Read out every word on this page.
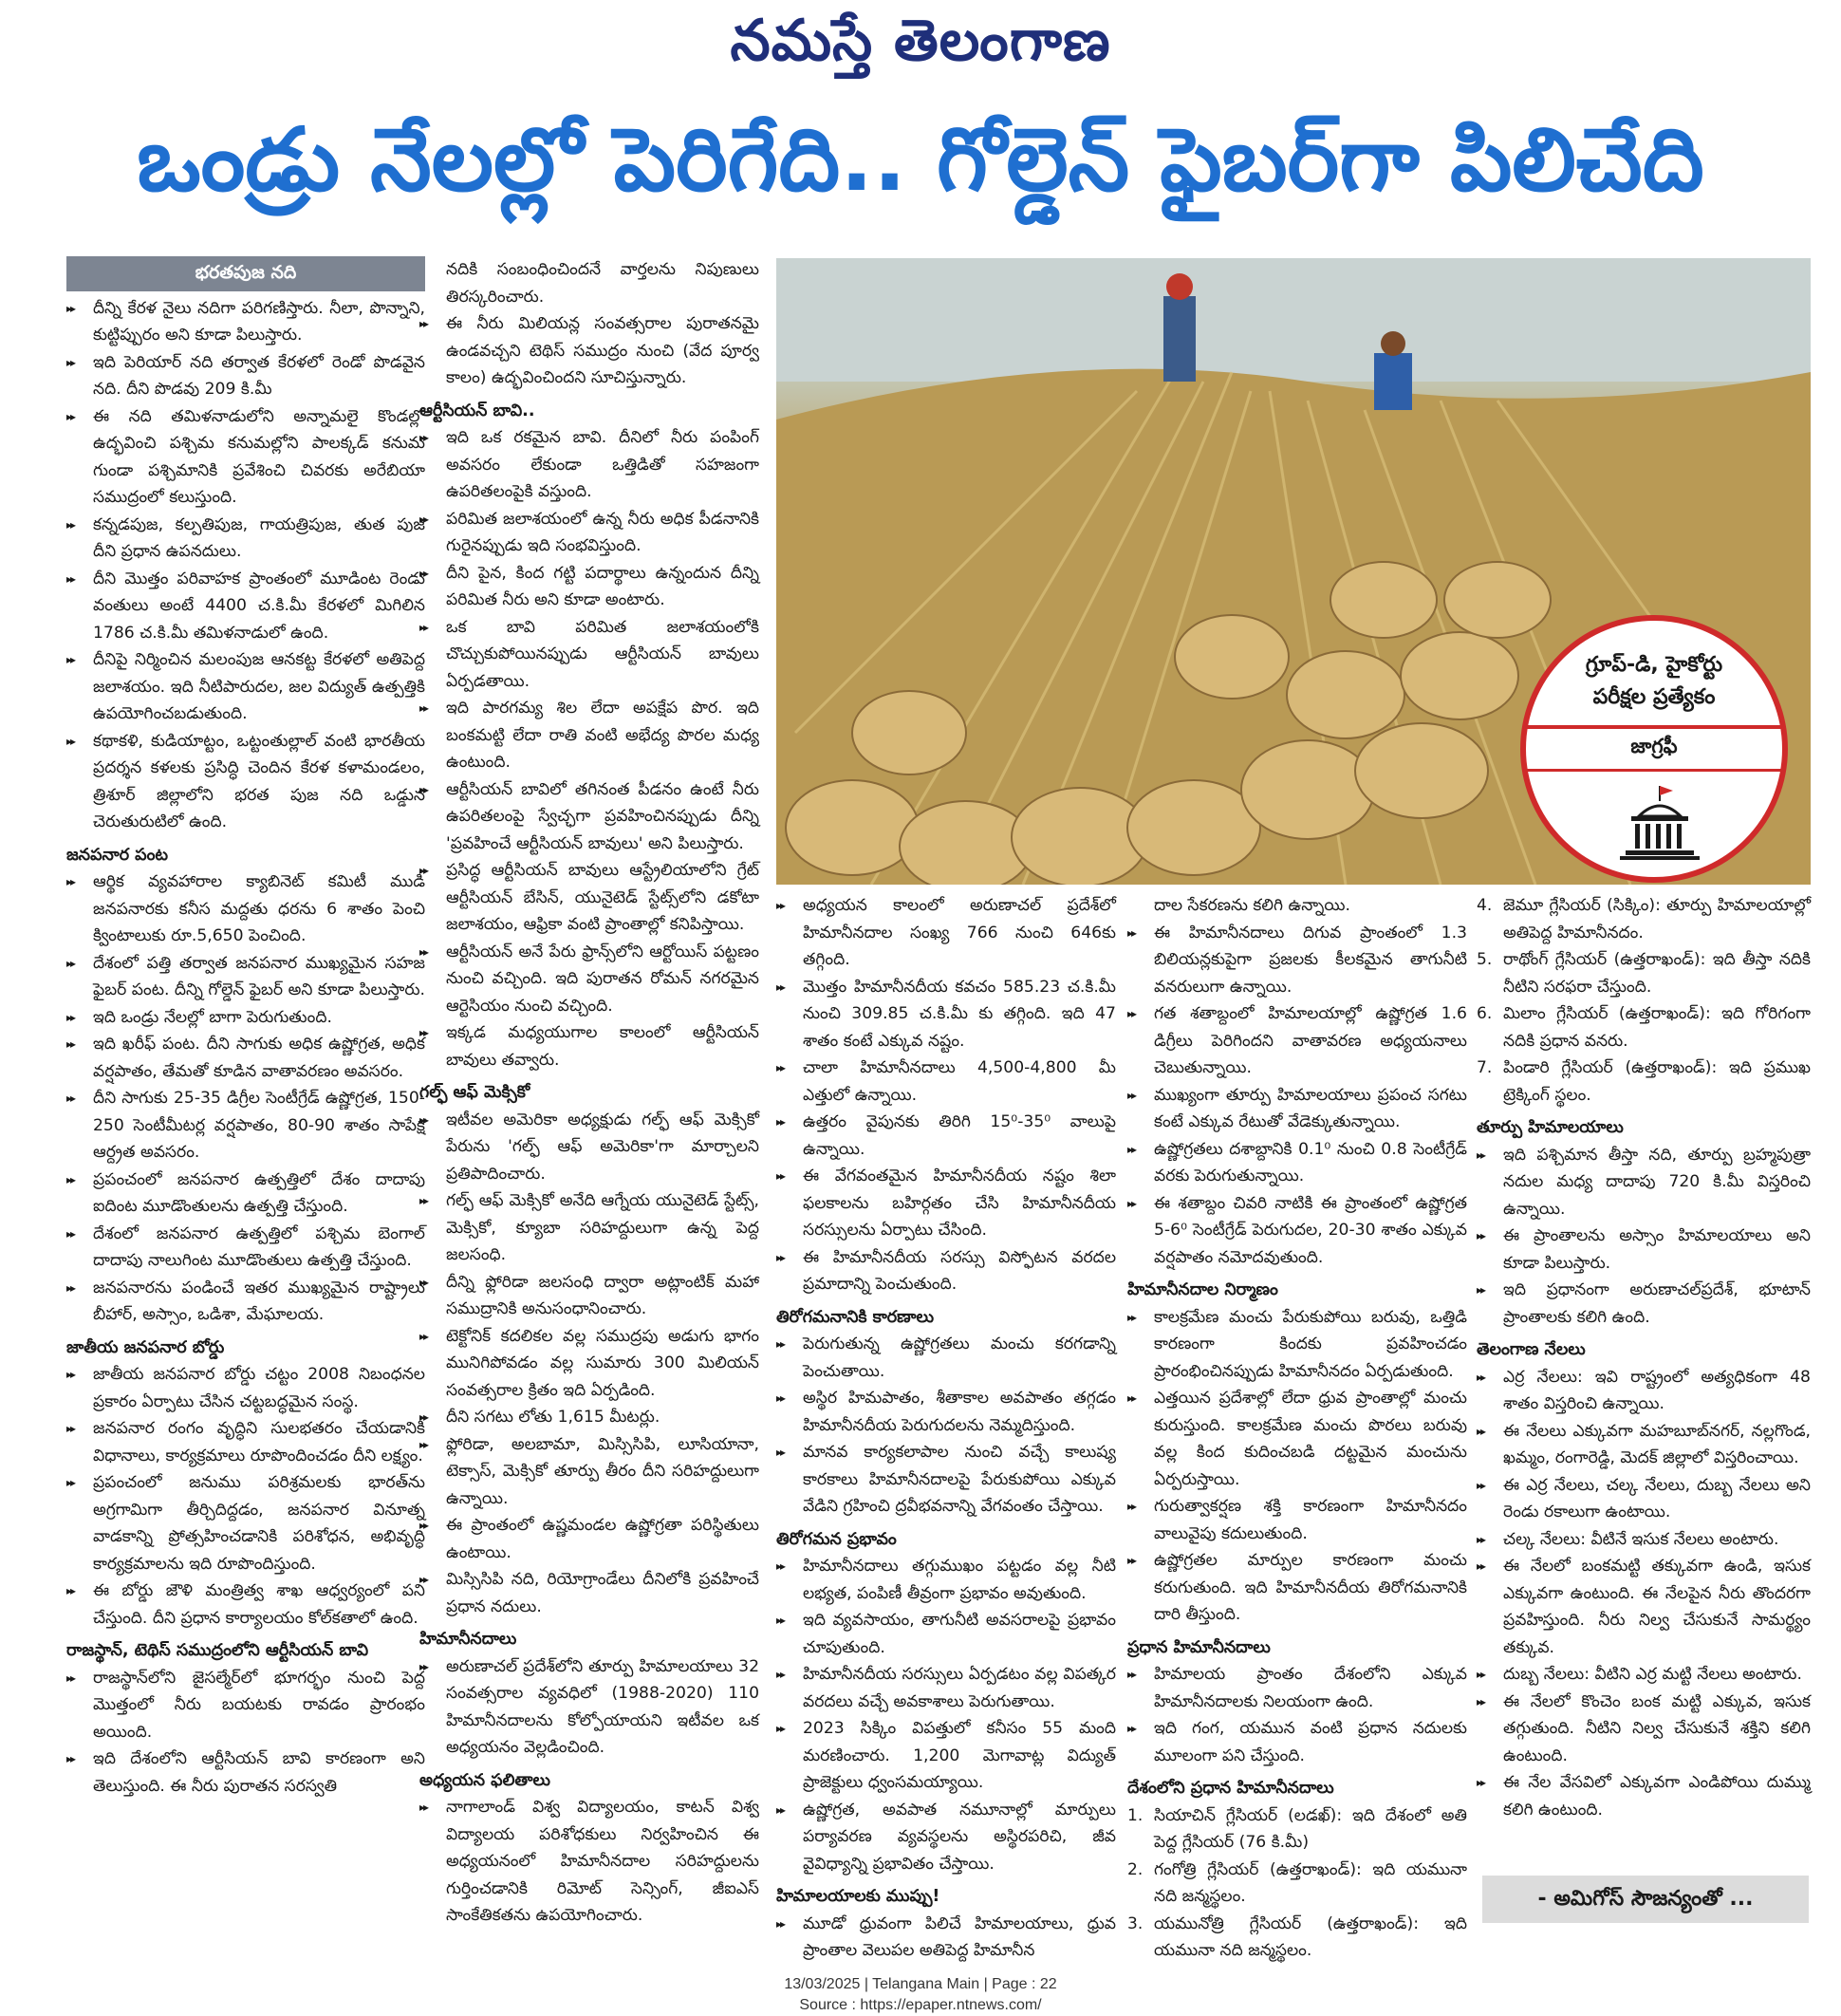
నమస్తే తెలంగాణ
ఒండ్రు నేలల్లో పెరిగేది.. గోల్డెన్ ఫైబర్‌గా పిలిచేది
భరతపుజ నది
▸▸ దీన్ని కేరళ నైలు నదిగా పరిగణిస్తారు. నీలా, పొన్నాని, కుట్టిప్పురం అని కూడా పిలుస్తారు.
▸▸ ఇది పెరియార్ నది తర్వాత కేరళలో రెండో పొడవైన నది. దీని పొడవు 209 కి.మీ
▸▸ ఈ నది తమిళనాడులోని అన్నామలై కొండల్లో ఉద్భవించి పశ్చిమ కనుమల్లోని పాలక్కడ్ కనుమ గుండా పశ్చిమానికి ప్రవేశించి చివరకు అరేబియా సముద్రంలో కలుస్తుంది.
▸▸ కన్నడపుజ, కల్పతిపుజ, గాయత్రిపుజ, తుత పుజ దీని ప్రధాన ఉపనదులు.
▸▸ దీని మొత్తం పరివాహక ప్రాంతంలో మూడింట రెండు వంతులు అంటే 4400 చ.కి.మీ కేరళలో మిగిలిన 1786 చ.కి.మీ తమిళనాడులో ఉంది.
▸▸ దీనిపై నిర్మించిన మలంపుజ ఆనకట్ట కేరళలో అతిపెద్ద జలాశయం. ఇది నీటిపారుదల, జల విద్యుత్ ఉత్పత్తికి ఉపయోగించబడుతుంది.
▸▸ కథాకళి, కుడియాట్టం, ఒట్టంతుల్లాల్ వంటి భారతీయ ప్రదర్శన కళలకు ప్రసిద్ధి చెందిన కేరళ కళామండలం, త్రిశూర్ జిల్లాలోని భరత పుజ నది ఒడ్డున చెరుతురుటిలో ఉంది.
జనపనార పంట
▸▸ ఆర్థిక వ్యవహారాల క్యాబినెట్ కమిటీ ముడి జనపనారకు కనీస మద్దతు ధరను 6 శాతం పెంచి క్వింటాలుకు రూ.5,650 పెంచింది.
▸▸ దేశంలో పత్తి తర్వాత జనపనార ముఖ్యమైన సహజ ఫైబర్ పంట. దీన్ని గోల్డెన్ ఫైబర్ అని కూడా పిలుస్తారు.
▸▸ ఇది ఒండ్రు నేలల్లో బాగా పెరుగుతుంది.
▸▸ ఇది ఖరీఫ్ పంట. దీని సాగుకు అధిక ఉష్ణోగ్రత, అధిక వర్షపాతం, తేమతో కూడిన వాతావరణం అవసరం.
▸▸ దీని సాగుకు 25-35 డిగ్రీల సెంటీగ్రేడ్ ఉష్ణోగ్రత, 150-250 సెంటీమీటర్ల వర్షపాతం, 80-90 శాతం సాపేక్ష ఆర్ద్రత అవసరం.
▸▸ ప్రపంచంలో జనపనార ఉత్పత్తిలో దేశం దాదాపు ఐదింట మూడొంతులను ఉత్పత్తి చేస్తుంది.
▸▸ దేశంలో జనపనార ఉత్పత్తిలో పశ్చిమ బెంగాల్ దాదాపు నాలుగింట మూడొంతులు ఉత్పత్తి చేస్తుంది.
▸▸ జనపనారను పండించే ఇతర ముఖ్యమైన రాష్ట్రాలు బీహార్, అస్సాం, ఒడిశా, మేఘాలయ.
జాతీయ జనపనార బోర్డు
▸▸ జాతీయ జనపనార బోర్డు చట్టం 2008 నిబంధనల ప్రకారం ఏర్పాటు చేసిన చట్టబద్ధమైన సంస్థ.
▸▸ జనపనార రంగం వృద్ధిని సులభతరం చేయడానికి విధానాలు, కార్యక్రమాలు రూపొందించడం దీని లక్ష్యం.
▸▸ ప్రపంచంలో జనుము పరిశ్రమలకు భారత్‌ను అగ్రగామిగా తీర్చిదిద్దడం, జనపనార వినూత్న వాడకాన్ని ప్రోత్సహించడానికి పరిశోధన, అభివృద్ధి కార్యక్రమాలను ఇది రూపొందిస్తుంది.
▸▸ ఈ బోర్డు జౌళి మంత్రిత్వ శాఖ ఆధ్వర్యంలో పని చేస్తుంది. దీని ప్రధాన కార్యాలయం కోల్‌కతాలో ఉంది.
రాజస్థాన్, టెథిస్ సముద్రంలోని ఆర్టీసియన్ బావి
▸▸ రాజస్థాన్‌లోని జైసల్మేర్‌లో భూగర్భం నుంచి పెద్ద మొత్తంలో నీరు బయటకు రావడం ప్రారంభం అయింది.
▸▸ ఇది దేశంలోని ఆర్టీసియన్ బావి కారణంగా అని తెలుస్తుంది. ఈ నీరు పురాతన సరస్వతి
నదికి సంబంధించిందనే వార్తలను నిపుణులు తిరస్కరించారు.
▸▸ ఈ నీరు మిలియన్ల సంవత్సరాల పురాతనమై ఉండవచ్చని టెథిస్ సముద్రం నుంచి (వేద పూర్వ కాలం) ఉద్భవించిందని సూచిస్తున్నారు.
ఆర్టీసియన్ బావి..
▸▸ ఇది ఒక రకమైన బావి. దీనిలో నీరు పంపింగ్ అవసరం లేకుండా ఒత్తిడితో సహజంగా ఉపరితలంపైకి వస్తుంది.
▸▸ పరిమిత జలాశయంలో ఉన్న నీరు అధిక పీడనానికి గురైనప్పుడు ఇది సంభవిస్తుంది.
▸▸ దీని పైన, కింద గట్టి పదార్థాలు ఉన్నందున దీన్ని పరిమిత నీరు అని కూడా అంటారు.
▸▸ ఒక బావి పరిమిత జలాశయంలోకి చొచ్చుకుపోయినప్పుడు ఆర్టీసియన్ బావులు ఏర్పడతాయి.
▸▸ ఇది పారగమ్య శిల లేదా అపక్షేప పొర. ఇది బంకమట్టి లేదా రాతి వంటి అభేద్య పొరల మధ్య ఉంటుంది.
▸▸ ఆర్టీసియన్ బావిలో తగినంత పీడనం ఉంటే నీరు ఉపరితలంపై స్వేచ్ఛగా ప్రవహించినప్పుడు దీన్ని 'ప్రవహించే ఆర్టీసియన్ బావులు' అని పిలుస్తారు.
▸▸ ప్రసిద్ధ ఆర్టీసియన్ బావులు ఆస్ట్రేలియాలోని గ్రేట్ ఆర్టీసియన్ బేసిన్, యునైటెడ్ స్టేట్స్‌లోని డకోటా జలాశయం, ఆఫ్రికా వంటి ప్రాంతాల్లో కనిపిస్తాయి.
▸▸ ఆర్టీసియన్ అనే పేరు ఫ్రాన్స్‌లోని ఆర్టోయిస్ పట్టణం నుంచి వచ్చింది. ఇది పురాతన రోమన్ నగరమైన ఆర్టెసియం నుంచి వచ్చింది.
▸▸ ఇక్కడ మధ్యయుగాల కాలంలో ఆర్టీసియన్ బావులు తవ్వారు.
గల్ఫ్ ఆఫ్ మెక్సికో
▸▸ ఇటీవల అమెరికా అధ్యక్షుడు గల్ఫ్ ఆఫ్ మెక్సికో పేరును 'గల్ఫ్ ఆఫ్ అమెరికా'గా మార్చాలని ప్రతిపాదించారు.
▸▸ గల్ఫ్ ఆఫ్ మెక్సికో అనేది ఆగ్నేయ యునైటెడ్ స్టేట్స్, మెక్సికో, క్యూబా సరిహద్దులుగా ఉన్న పెద్ద జలసంధి.
▸▸ దీన్ని ఫ్లోరిడా జలసంధి ద్వారా అట్లాంటిక్ మహా సముద్రానికి అనుసంధానించారు.
▸▸ టెక్టోనిక్ కదలికల వల్ల సముద్రపు అడుగు భాగం మునిగిపోవడం వల్ల సుమారు 300 మిలియన్ సంవత్సరాల క్రితం ఇది ఏర్పడింది.
▸▸ దీని సగటు లోతు 1,615 మీటర్లు.
▸▸ ఫ్లోరిడా, అలబామా, మిస్సిసిపి, లూసియానా, టెక్సాస్, మెక్సికో తూర్పు తీరం దీని సరిహద్దులుగా ఉన్నాయి.
▸▸ ఈ ప్రాంతంలో ఉష్ణమండల ఉష్ణోగ్రతా పరిస్థితులు ఉంటాయి.
▸▸ మిస్సిసిపి నది, రియోగ్రాండేలు దీనిలోకి ప్రవహించే ప్రధాన నదులు.
హిమానీనదాలు
▸▸ అరుణాచల్ ప్రదేశ్‌లోని తూర్పు హిమాలయాలు 32 సంవత్సరాల వ్యవధిలో (1988-2020) 110 హిమానీనదాలను కోల్పోయాయని ఇటీవల ఒక అధ్యయనం వెల్లడించింది.
అధ్యయన ఫలితాలు
▸▸ నాగాలాండ్ విశ్వ విద్యాలయం, కాటన్ విశ్వ విద్యాలయ పరిశోధకులు నిర్వహించిన ఈ అధ్యయనంలో హిమానీనదాల సరిహద్దులను గుర్తించడానికి రిమోట్ సెన్సింగ్, జీఐఎస్ సాంకేతికతను ఉపయోగించారు.
గ్రూప్-డి, హైకోర్టు
పరీక్షల ప్రత్యేకం
జాగ్రఫీ
▸▸ అధ్యయన కాలంలో అరుణాచల్ ప్రదేశ్‌లో హిమానీనదాల సంఖ్య 766 నుంచి 646కు తగ్గింది.
▸▸ మొత్తం హిమానీనదీయ కవచం 585.23 చ.కి.మీ నుంచి 309.85 చ.కి.మీ కు తగ్గింది. ఇది 47 శాతం కంటే ఎక్కువ నష్టం.
▸▸ చాలా హిమానీనదాలు 4,500-4,800 మీ ఎత్తులో ఉన్నాయి.
▸▸ ఉత్తరం వైపునకు తిరిగి 15⁰-35⁰ వాలుపై ఉన్నాయి.
▸▸ ఈ వేగవంతమైన హిమానీనదీయ నష్టం శిలా ఫలకాలను బహిర్గతం చేసి హిమానీనదీయ సరస్సులను ఏర్పాటు చేసింది.
▸▸ ఈ హిమానీనదీయ సరస్సు విస్ఫోటన వరదల ప్రమాదాన్ని పెంచుతుంది.
తిరోగమనానికి కారణాలు
▸▸ పెరుగుతున్న ఉష్ణోగ్రతలు మంచు కరగడాన్ని పెంచుతాయి.
▸▸ అస్థిర హిమపాతం, శీతాకాల అవపాతం తగ్గడం హిమానీనదీయ పెరుగుదలను నెమ్మదిస్తుంది.
▸▸ మానవ కార్యకలాపాల నుంచి వచ్చే కాలుష్య కారకాలు హిమానీనదాలపై పేరుకుపోయి ఎక్కువ వేడిని గ్రహించి ద్రవీభవనాన్ని వేగవంతం చేస్తాయి.
తిరోగమన ప్రభావం
▸▸ హిమానీనదాలు తగ్గుముఖం పట్టడం వల్ల నీటి లభ్యత, పంపిణీ తీవ్రంగా ప్రభావం అవుతుంది.
▸▸ ఇది వ్యవసాయం, తాగునీటి అవసరాలపై ప్రభావం చూపుతుంది.
▸▸ హిమానీనదీయ సరస్సులు ఏర్పడటం వల్ల విపత్కర వరదలు వచ్చే అవకాశాలు పెరుగుతాయి.
▸▸ 2023 సిక్కిం విపత్తులో కనీసం 55 మంది మరణించారు. 1,200 మెగావాట్ల విద్యుత్ ప్రాజెక్టులు ధ్వంసమయ్యాయి.
▸▸ ఉష్ణోగ్రత, అవపాత నమూనాల్లో మార్పులు పర్యావరణ వ్యవస్థలను అస్థిరపరిచి, జీవ వైవిధ్యాన్ని ప్రభావితం చేస్తాయి.
హిమాలయాలకు ముప్పు!
▸▸ మూడో ధ్రువంగా పిలిచే హిమాలయాలు, ధ్రువ ప్రాంతాల వెలుపల అతిపెద్ద హిమానీన
దాల సేకరణను కలిగి ఉన్నాయి.
▸▸ ఈ హిమానీనదాలు దిగువ ప్రాంతంలో 1.3 బిలియన్లకుపైగా ప్రజలకు కీలకమైన తాగునీటి వనరులుగా ఉన్నాయి.
▸▸ గత శతాబ్దంలో హిమాలయాల్లో ఉష్ణోగ్రత 1.6 డిగ్రీలు పెరిగిందని వాతావరణ అధ్యయనాలు చెబుతున్నాయి.
▸▸ ముఖ్యంగా తూర్పు హిమాలయాలు ప్రపంచ సగటు కంటే ఎక్కువ రేటుతో వేడెక్కుతున్నాయి.
▸▸ ఉష్ణోగ్రతలు దశాబ్దానికి 0.1⁰ నుంచి 0.8 సెంటీగ్రేడ్ వరకు పెరుగుతున్నాయి.
▸▸ ఈ శతాబ్దం చివరి నాటికి ఈ ప్రాంతంలో ఉష్ణోగ్రత 5-6⁰ సెంటీగ్రేడ్ పెరుగుదల, 20-30 శాతం ఎక్కువ వర్షపాతం నమోదవుతుంది.
హిమానీనదాల నిర్మాణం
▸▸ కాలక్రమేణ మంచు పేరుకుపోయి బరువు, ఒత్తిడి కారణంగా కిందకు ప్రవహించడం ప్రారంభించినప్పుడు హిమానీనదం ఏర్పడుతుంది.
▸▸ ఎత్తయిన ప్రదేశాల్లో లేదా ధ్రువ ప్రాంతాల్లో మంచు కురుస్తుంది. కాలక్రమేణ మంచు పొరలు బరువు వల్ల కింద కుదించబడి దట్టమైన మంచును ఏర్పరుస్తాయి.
▸▸ గురుత్వాకర్షణ శక్తి కారణంగా హిమానీనదం వాలువైపు కదులుతుంది.
▸▸ ఉష్ణోగ్రతల మార్పుల కారణంగా మంచు కరుగుతుంది. ఇది హిమానీనదీయ తిరోగమనానికి దారి తీస్తుంది.
ప్రధాన హిమానీనదాలు
▸▸ హిమాలయ ప్రాంతం దేశంలోని ఎక్కువ హిమానీనదాలకు నిలయంగా ఉంది.
▸▸ ఇది గంగ, యమున వంటి ప్రధాన నదులకు మూలంగా పని చేస్తుంది.
దేశంలోని ప్రధాన హిమానీనదాలు
1. సియాచిన్ గ్లేసియర్ (లడఖ్): ఇది దేశంలో అతి పెద్ద గ్లేసియర్ (76 కి.మీ)
2. గంగోత్రి గ్లేసియర్ (ఉత్తరాఖండ్): ఇది యమునా నది జన్మస్థలం.
3. యమునోత్రి గ్లేసియర్ (ఉత్తరాఖండ్): ఇది యమునా నది జన్మస్థలం.
4. జెమూ గ్లేసియర్ (సిక్కిం): తూర్పు హిమాలయాల్లో అతిపెద్ద హిమానీనదం.
5. రాథోంగ్ గ్లేసియర్ (ఉత్తరాఖండ్): ఇది తీస్తా నదికి నీటిని సరఫరా చేస్తుంది.
6. మిలాం గ్లేసియర్ (ఉత్తరాఖండ్): ఇది గోరిగంగా నదికి ప్రధాన వనరు.
7. పిండారి గ్లేసియర్ (ఉత్తరాఖండ్): ఇది ప్రముఖ ట్రెక్కింగ్ స్థలం.
తూర్పు హిమాలయాలు
▸▸ ఇది పశ్చిమాన తీస్తా నది, తూర్పు బ్రహ్మపుత్రా నదుల మధ్య దాదాపు 720 కి.మీ విస్తరించి ఉన్నాయి.
▸▸ ఈ ప్రాంతాలను అస్సాం హిమాలయాలు అని కూడా పిలుస్తారు.
▸▸ ఇది ప్రధానంగా అరుణాచల్‌ప్రదేశ్, భూటాన్ ప్రాంతాలకు కలిగి ఉంది.
తెలంగాణ నేలలు
▸▸ ఎర్ర నేలలు: ఇవి రాష్ట్రంలో అత్యధికంగా 48 శాతం విస్తరించి ఉన్నాయి.
▸▸ ఈ నేలలు ఎక్కువగా మహబూబ్‌నగర్, నల్లగొండ, ఖమ్మం, రంగారెడ్డి, మెదక్ జిల్లాలో విస్తరించాయి.
▸▸ ఈ ఎర్ర నేలలు, చల్క నేలలు, దుబ్బ నేలలు అని రెండు రకాలుగా ఉంటాయి.
▸▸ చల్క నేలలు: వీటినే ఇసుక నేలలు అంటారు.
▸▸ ఈ నేలలో బంకమట్టి తక్కువగా ఉండి, ఇసుక ఎక్కువగా ఉంటుంది. ఈ నేలపైన నీరు తొందరగా ప్రవహిస్తుంది. నీరు నిల్వ చేసుకునే సామర్థ్యం తక్కువ.
▸▸ దుబ్బ నేలలు: వీటిని ఎర్ర మట్టి నేలలు అంటారు.
▸▸ ఈ నేలలో కొంచెం బంక మట్టి ఎక్కువ, ఇసుక తగ్గుతుంది. నీటిని నిల్వ చేసుకునే శక్తిని కలిగి ఉంటుంది.
▸▸ ఈ నేల వేసవిలో ఎక్కువగా ఎండిపోయి దుమ్ము కలిగి ఉంటుంది.
- అమిగోస్ సౌజన్యంతో ...
13/03/2025 | Telangana Main | Page : 22
Source : https://epaper.ntnews.com/
